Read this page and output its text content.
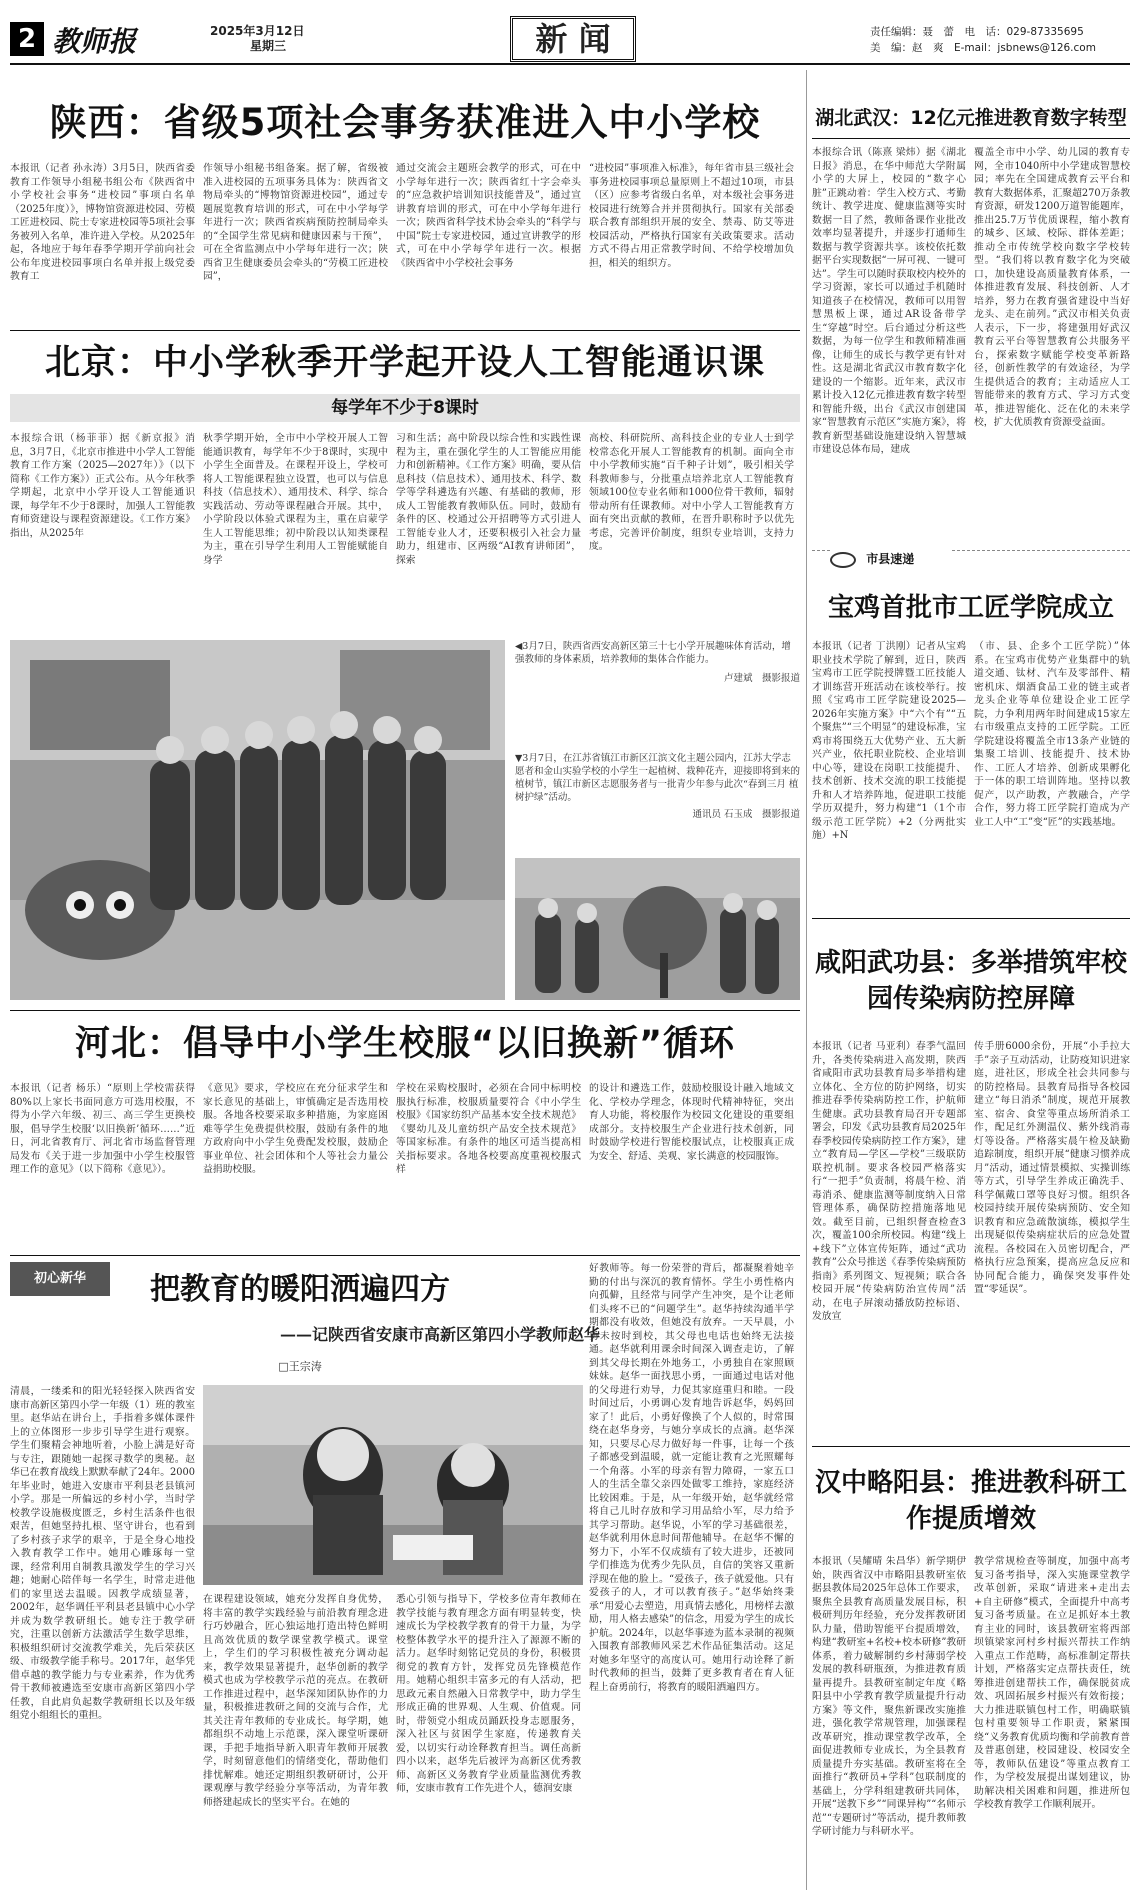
2 教师报	2025年3月12日
星期三	新 闻	责任编辑：聂　蕾　电　话：029-87335695
美　编：赵　爽　E-mail：jsbnews@126.com
陕西：省级5项社会事务获准进入中小学校
本报讯（记者 孙永涛）3月5日，陕西省委教育工作领导小组秘书组公布《陕西省中小学校社会事务“进校园”事项白名单（2025年度）》，博物馆资源进校园、劳模工匠进校园、院士专家进校园等5项社会事务被列入名单，准许进入学校。从2025年起，各地应于每年春季学期开学前向社会公布年度进校园事项白名单并报上级党委教育工
作领导小组秘书组备案。据了解，省级被准入进校园的五项事务具体为：陕西省文物局牵头的“博物馆资源进校园”，通过专题展览教育培训的形式，可在中小学每学年进行一次；陕西省疾病预防控制局牵头的“全国学生常见病和健康因素与干预”，可在全省监测点中小学每年进行一次；陕西省卫生健康委员会牵头的“劳模工匠进校园”，
通过交流会主题班会教学的形式，可在中小学每年进行一次；陕西省红十字会牵头的“应急救护培训知识技能普及”，通过宣讲教育培训的形式，可在中小学每年进行一次；陕西省科学技术协会牵头的“科学与中国”院士专家进校园，通过宣讲教学的形式，可在中小学每学年进行一次。根据《陕西省中小学校社会事务
“进校园”事项准入标准》，每年省市县三级社会事务进校园事项总量原则上不超过10项，市县（区）应参考省级白名单，对本级社会事务进校园进行统筹合并并贯彻执行。国家有关部委联合教育部组织开展的安全、禁毒、防艾等进校园活动，严格执行国家有关政策要求。活动方式不得占用正常教学时间、不给学校增加负担，相关的组织方。
北京：中小学秋季开学起开设人工智能通识课
每学年不少于8课时
本报综合讯（杨菲菲）据《新京报》消息，3月7日，《北京市推进中小学人工智能教育工作方案（2025—2027年）》（以下简称《工作方案》）正式公布。从今年秋季学期起，北京中小学开设人工智能通识课，每学年不少于8课时，加强人工智能教育师资建设与课程资源建设。《工作方案》指出，从2025年
秋季学期开始，全市中小学校开展人工智能通识教育，每学年不少于8课时，实现中小学生全面普及。在课程开设上，学校可将人工智能课程独立设置，也可以与信息科技（信息技术）、通用技术、科学、综合实践活动、劳动等课程融合开展。其中，小学阶段以体验式课程为主，重在启蒙学生人工智能思维；初中阶段以认知类课程为主，重在引导学生利用人工智能赋能自身学
习和生活；高中阶段以综合性和实践性课程为主，重在强化学生的人工智能应用能力和创新精神。《工作方案》明确，要从信息科技（信息技术）、通用技术、科学、数学等学科遴选有兴趣、有基础的教师，形成人工智能教育教师队伍。同时，鼓励有条件的区、校通过公开招聘等方式引进人工智能专业人才，还要积极引入社会力量助力，组建市、区两级“AI教育讲师团”，探索
高校、科研院所、高科技企业的专业人士到学校常态化开展人工智能教育的机制。面向全市中小学教师实施“百千种子计划”，吸引相关学科教师参与，分批重点培养北京人工智能教育领域100位专业名师和1000位骨干教师，辐射带动所有任课教师。对中小学人工智能教育方面有突出贡献的教师，在晋升职称时予以优先考虑，完善评价制度，组织专业培训，支持力度。
◀3月7日，陕西省西安高新区第三十七小学开展趣味体育活动，增强教师的身体素质，培养教师的集体合作能力。
卢建斌　摄影报道
▼3月7日，在江苏省镇江市新区江滨文化主题公园内，江苏大学志愿者和金山实验学校的小学生一起植树、栽种花卉，迎接即将到来的植树节，镇江市新区志愿服务者与一批青少年参与此次“春到三月 植树护绿”活动。
通讯员 石玉成　摄影报道
河北：倡导中小学生校服“以旧换新”循环
本报讯（记者 杨乐）“原则上学校需获得80%以上家长书面同意方可选用校服，不得为小学六年级、初三、高三学生更换校服，倡导学生校服‘以旧换新’循环……”近日，河北省教育厅、河北省市场监督管理局发布《关于进一步加强中小学生校服管理工作的意见》（以下简称《意见》）。
《意见》要求，学校应在充分征求学生和家长意见的基础上，审慎确定是否选用校服。各地各校要采取多种措施，为家庭困难等学生免费提供校服，鼓励有条件的地方政府向中小学生免费配发校服，鼓励企事业单位、社会团体和个人等社会力量公益捐助校服。
学校在采购校服时，必须在合同中标明校服执行标准，校服质量要符合《中小学生校服》《国家纺织产品基本安全技术规范》《婴幼儿及儿童纺织产品安全技术规范》等国家标准。有条件的地区可适当提高相关指标要求。各地各校要高度重视校服式样
的设计和遴选工作，鼓励校服设计融入地域文化、学校办学理念，体现时代精神特征，突出育人功能，将校服作为校园文化建设的重要组成部分。支持校服生产企业进行技术创新，同时鼓励学校进行智能校服试点，让校服真正成为安全、舒适、美观、家长满意的校园服饰。
初心新华	把教育的暖阳洒遍四方
——记陕西省安康市高新区第四小学教师赵华
□王宗涛
清晨，一缕柔和的阳光轻轻探入陕西省安康市高新区第四小学一年级（1）班的教室里。赵华站在讲台上，手指着多媒体课件上的立体图形一步步引导学生进行观察。学生们聚精会神地听着，小脸上满是好奇与专注，跟随她一起探寻数学的奥秘。赵华已在教育战线上默默奉献了24年。2000年毕业时，她进入安康市平利县老县镇河小学。那是一所偏远的乡村小学，当时学校教学设施极度匮乏，乡村生活条件也很艰苦，但她坚持扎根、坚守讲台，也看到了乡村孩子求学的艰辛，于是全身心地投入教育教学工作中。她用心雕琢每一堂课，经常利用自制教具激发学生的学习兴趣；她耐心陪伴每一名学生，时常走进他们的家里送去温暖。因教学成绩显著，2002年，赵华调任平利县老县镇中心小学并成为数学教研组长。她专注于教学研究，注重以创新方法激活学生数学思维，积极组织研讨交流教学难关，先后荣获区级、市级教学能手称号。2017年，赵华凭借卓越的教学能力与专业素养，作为优秀骨干教师被遴选至安康市高新区第四小学任教，自此肩负起数学教研组长以及年级组党小组组长的重担。
在课程建设领域，她充分发挥自身优势，将丰富的教学实践经验与前沿教育理念进行巧妙融合，匠心独运地打造出特色鲜明且高效优质的数学课堂教学模式。课堂上，学生们的学习积极性被充分调动起来，教学效果显著提升，赵华创新的教学模式也成为学校教学示范的亮点。在教研工作推进过程中，赵华深知团队协作的力量，积极推进教研之间的交流与合作，尤其关注青年教师的专业成长。每学期，她都组织不动地上示范课，深入课堂听课研课，手把手地指导新入职青年教师开展教学，时刻留意他们的情绪变化，帮助他们排忧解难。她还定期组织教研研讨，公开课观摩与教学经验分享等活动，为青年教师搭建起成长的坚实平台。在她的
悉心引领与指导下，学校多位青年教师在教学技能与教育理念方面有明显转变，快速成长为学校教学教育的骨干力量，为学校整体教学水平的提升注入了源源不断的活力。赵华时刻铭记党员的身份，积极贯彻党的教育方针，发挥党员先锋模范作用。她精心组织丰富多元的有人活动，把思政元素自然融入日常教学中，助力学生形成正确的世界观、人生观、价值观。同时，带领党小组成员踊跃投身志愿服务，深入社区与贫困学生家庭，传递教育关爱，以切实行动诠释教育担当。调任高新四小以来，赵华先后被评为高新区优秀教师、高新区义务教育学业质量监测优秀教师，安康市教育工作先进个人，德润安康
好教师等。每一份荣誉的背后，都凝聚着她辛勤的付出与深沉的教育情怀。学生小勇性格内向孤僻，且经常与同学产生冲突，是个让老师们头疼不已的“问题学生”。赵华持续沟通半学期都没有收效，但她没有放弃。一天早晨，小勇未按时到校，其父母也电话也始终无法接通。赵华就利用课余时间深入调查走访，了解到其父母长期在外地务工，小勇独自在家照顾妹妹。赵华一面找思小勇，一面通过电话对他的父母进行劝导，力促其家庭重归和睦。一段时间过后，小勇调心发育地告诉赵华，妈妈回家了！此后，小勇好像换了个人似的，时常围绕在赵华身旁，与她分享成长的点滴。赵华深知，只要尽心尽力做好每一件事，让每一个孩子都感受到温暖，就一定能让教育之光照耀每一个角落。小军的母亲有智力障碍，一家五口人的生活全靠父亲四处做零工维持，家庭经济比较困难。于是，从一年级开始，赵华就经常将自己儿时存放和学习用品给小军，尽力给予其学习帮助。赵华说，小军的学习基础很差，赵华就利用休息时间帮他辅导。在赵华不懈的努力下，小军不仅成绩有了较大进步，还被同学们推选为优秀少先队员，自信的笑容又重新浮现在他的脸上。“爱孩子，孩子就爱他。只有爱孩子的人，才可以教育孩子。”赵华始终秉承“用爱心去塑造，用真情去感化，用榜样去激励，用人格去感染”的信念，用爱为学生的成长护航。2024年，以赵华事迹为蓝本录制的视频入围教育部教师风采艺术作品征集活动。这足对她多年坚守的高度认可。她用行动诠释了新时代教师的担当，鼓舞了更多教育者在育人征程上奋勇前行，将教育的暖阳洒遍四方。
湖北武汉：12亿元推进教育数字转型
本报综合讯（陈熹 梁炜）据《湖北日报》消息，在华中师范大学附属小学的大屏上，校园的“数字心脏”正跳动着：学生入校方式、考勤统计、教学进度、健康监测等实时数据一目了然，教师备课作业批改效率均显著提升，并逐步打通师生数据与教学资源共享。该校依托数据平台实现数据“一屏可视、一键可达”。学生可以随时获取校内校外的学习资源，家长可以通过手机随时知道孩子在校情况，教师可以用智慧黑板上课，通过AR设备带学生“穿越”时空。后台通过分析这些数据，为每一位学生和教师精准画像，让师生的成长与教学更有针对性。这是湖北省武汉市教育数字化建设的一个缩影。近年来，武汉市累计投入12亿元推进教育数字转型和智能升级，出台《武汉市创建国家“智慧教育示范区”实施方案》，将教育新型基础设施建设纳入智慧城市建设总体布局，建成
覆盖全市中小学、幼儿园的教育专网，全市1040所中小学建成智慧校园；率先在全国建成教育云平台和教育大数据体系，汇聚超270万条教育资源，研发1200万道智能题库，推出25.7万节优质课程，缩小教育的城乡、区域、校际、群体差距；推动全市传统学校向数字学校转型。“我们将以教育数字化为突破口，加快建设高质量教育体系，一体推进教育发展、科技创新、人才培养，努力在教育强省建设中当好龙头、走在前列。”武汉市相关负责人表示，下一步，将建强用好武汉教育云平台等智慧教育公共服务平台，探索数字赋能学校变革新路径，创新性教学的有效途径，为学生提供适合的教育；主动适应人工智能带来的教育方式、学习方式变革，推进智能化、泛在化的未来学校，扩大优质教育资源受益面。
市县速递
宝鸡首批市工匠学院成立
本报讯（记者 丁洪刚）记者从宝鸡职业技术学院了解到，近日，陕西宝鸡市工匠学院授牌暨工匠技能人才训练营开班活动在该校举行。按照《宝鸡市工匠学院建设2025—2026年实施方案》中“六个有”“五个聚焦”“三个明显”的建设标准，宝鸡市将围绕五大优势产业、五大新兴产业，依托职业院校、企业培训中心等，建设在岗职工技能提升、技术创新、技术交流的职工技能提升和人才培养阵地，促进职工技能学历双提升，努力构建“1（1个市级示范工匠学院）+2（分两批实施）+N
（市、县、企多个工匠学院）”体系。在宝鸡市优势产业集群中的轨道交通、钛材、汽车及零部件、精密机床、烟酒食品工业的链主或者龙头企业等单位建设企业工匠学院，力争利用两年时间建成15家左右市级重点支持的工匠学院。工匠学院建设将覆盖全市13条产业链的集聚工培训、技能提升、技术协作、工匠人才培养、创新成果孵化于一体的职工培训阵地。坚持以教促产，以产助教，产教融合，产学合作，努力将工匠学院打造成为产业工人中“工”变“匠”的实践基地。
咸阳武功县：多举措筑牢校园传染病防控屏障
本报讯（记者 马亚利）春季气温回升，各类传染病进入高发期，陕西省咸阳市武功县教育局多举措构建立体化、全方位的防护网络，切实推进春季传染病防控工作，护航师生健康。武功县教育局召开专题部署会，印发《武功县教育局2025年春季校园传染病防控工作方案》，建立“教育局—学区—学校”三级联防联控机制。要求各校园严格落实行“一把手”负责制，将晨午检、消毒消杀、健康监测等制度纳入日常管理体系，确保防控措施落地见效。截至目前，已组织督查检查3次，覆盖100余所校园。构建“线上+线下”立体宣传矩阵，通过“武功教育”公众号推送《春季传染病预防指南》系列图文、短视频；联合各校园开展“传染病防治宣传周”活动，在电子屏滚动播放防控标语、发放宣
传手册6000余份，开展“小手拉大手”亲子互动活动，让防疫知识进家庭，进社区，形成全社会共同参与的防控格局。县教育局指导各校园建立“每日消杀”制度，规范开展教室、宿舍、食堂等重点场所消杀工作，配足红外测温仪、紫外线消毒灯等设备。严格落实晨午检及缺勤追踪制度，组织开展“健康习惯养成月”活动，通过情景模拟、实操训练等方式，引导学生养成正确洗手、科学佩戴口罩等良好习惯。组织各校园持续开展传染病预防、安全知识教育和应急疏散演练，模拟学生出现疑似传染病症状后的应急处置流程。各校园在入员密切配合，严格执行应急预案，提高应急反应和协同配合能力，确保突发事件处置“零延误”。
汉中略阳县：推进教科研工作提质增效
本报讯（吴耀晴 朱昌华）新学期伊始，陕西省汉中市略阳县教研室依据县教体局2025年总体工作要求，聚焦全县教育高质量发展目标，积极研判历年经验，充分发挥教研团队力量，借助智能平台提质增效，构建“教研室+名校+校本研修”教研体系，着力破解制约乡村薄弱学校发展的教科研瓶颈，为推进教育质量再提升。县教研室制定年度《略阳县中小学教育教学质量提升行动方案》等文件，聚焦新课改实施推进，强化教学常规管理，加强课程改革研究，推动课堂教学改革，全面促进教师专业成长，为全县教育质量提升夯实基础。教研室将在全面推行“教研员+学科”包联制度的基础上，分学科组建教研共同体，开展“送教下乡”“同课异构”“名师示范”“专题研讨”等活动，提升教师教学研讨能力与科研水平。
教学常规检查等制度，加强中高考复习备考指导，深入实施课堂教学改革创新，采取“请进来+走出去+自主研修”模式，全面提升中高考复习备考质量。在立足抓好本土教育主业的同时，该县教研室将西部坝镇梁家河村乡村振兴帮扶工作纳入重点工作范畴，高标准制定帮扶计划，严格落实定点帮扶责任，统筹推进创建帮扶工作，确保脱贫成效、巩固拓展乡村振兴有效衔接；大力推进联镇包村工作，明确联镇包村重要领导工作职责，紧紧围绕“义务教育优质均衡和学前教育普及普惠创建，校园建设、校园安全等，教师队伍建设”等重点教育工作，为学校发展提出谋划建议，协助解决相关困难和问题，推进所包学校教育教学工作顺利展开。
